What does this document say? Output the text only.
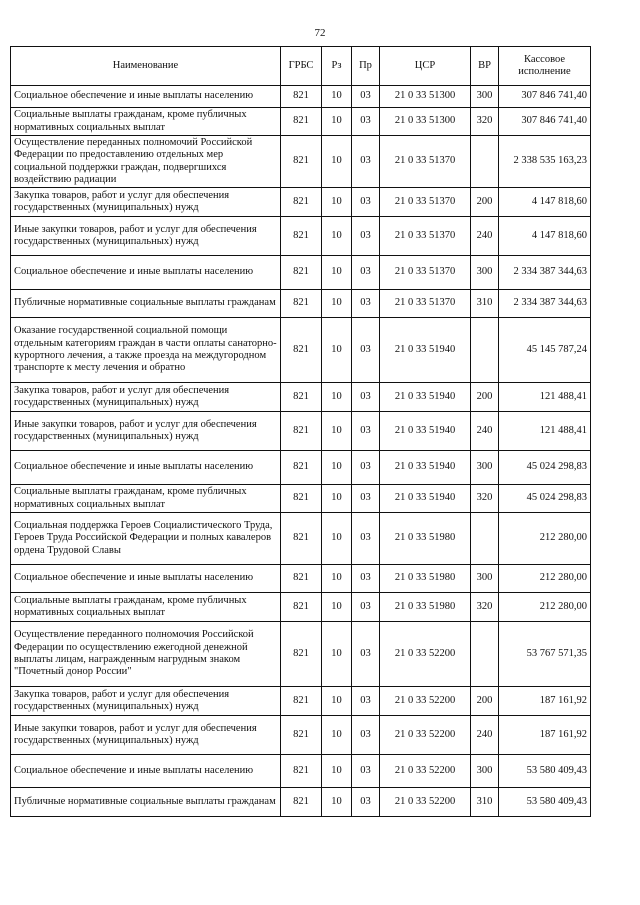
72
Наименование	ГРБС	Рз	Пр	ЦСР	ВР	Кассовое исполнение
Социальное обеспечение и иные выплаты населению	821	10	03	21 0 33 51300	300	307 846 741,40
Социальные выплаты гражданам, кроме публичных нормативных социальных выплат	821	10	03	21 0 33 51300	320	307 846 741,40
Осуществление переданных полномочий Российской Федерации по предоставлению отдельных мер социальной поддержки граждан, подвергшихся воздействию радиации	821	10	03	21 0 33 51370		2 338 535 163,23
Закупка товаров, работ и услуг для обеспечения государственных (муниципальных) нужд	821	10	03	21 0 33 51370	200	4 147 818,60
Иные закупки товаров, работ и услуг для обеспечения государственных (муниципальных) нужд	821	10	03	21 0 33 51370	240	4 147 818,60
Социальное обеспечение и иные выплаты населению	821	10	03	21 0 33 51370	300	2 334 387 344,63
Публичные нормативные социальные выплаты гражданам	821	10	03	21 0 33 51370	310	2 334 387 344,63
Оказание государственной социальной помощи отдельным категориям граждан в части оплаты санаторно-курортного лечения, а также проезда на междугородном транспорте к месту лечения и обратно	821	10	03	21 0 33 51940		45 145 787,24
Закупка товаров, работ и услуг для обеспечения государственных (муниципальных) нужд	821	10	03	21 0 33 51940	200	121 488,41
Иные закупки товаров, работ и услуг для обеспечения государственных (муниципальных) нужд	821	10	03	21 0 33 51940	240	121 488,41
Социальное обеспечение и иные выплаты населению	821	10	03	21 0 33 51940	300	45 024 298,83
Социальные выплаты гражданам, кроме публичных нормативных социальных выплат	821	10	03	21 0 33 51940	320	45 024 298,83
Социальная поддержка Героев Социалистического Труда, Героев Труда Российской Федерации и полных кавалеров ордена Трудовой Славы	821	10	03	21 0 33 51980		212 280,00
Социальное обеспечение и иные выплаты населению	821	10	03	21 0 33 51980	300	212 280,00
Социальные выплаты гражданам, кроме публичных нормативных социальных выплат	821	10	03	21 0 33 51980	320	212 280,00
Осуществление переданного полномочия Российской Федерации по осуществлению ежегодной денежной выплаты лицам, награжденным нагрудным знаком "Почетный донор России"	821	10	03	21 0 33 52200		53 767 571,35
Закупка товаров, работ и услуг для обеспечения государственных (муниципальных) нужд	821	10	03	21 0 33 52200	200	187 161,92
Иные закупки товаров, работ и услуг для обеспечения государственных (муниципальных) нужд	821	10	03	21 0 33 52200	240	187 161,92
Социальное обеспечение и иные выплаты населению	821	10	03	21 0 33 52200	300	53 580 409,43
Публичные нормативные социальные выплаты гражданам	821	10	03	21 0 33 52200	310	53 580 409,43
